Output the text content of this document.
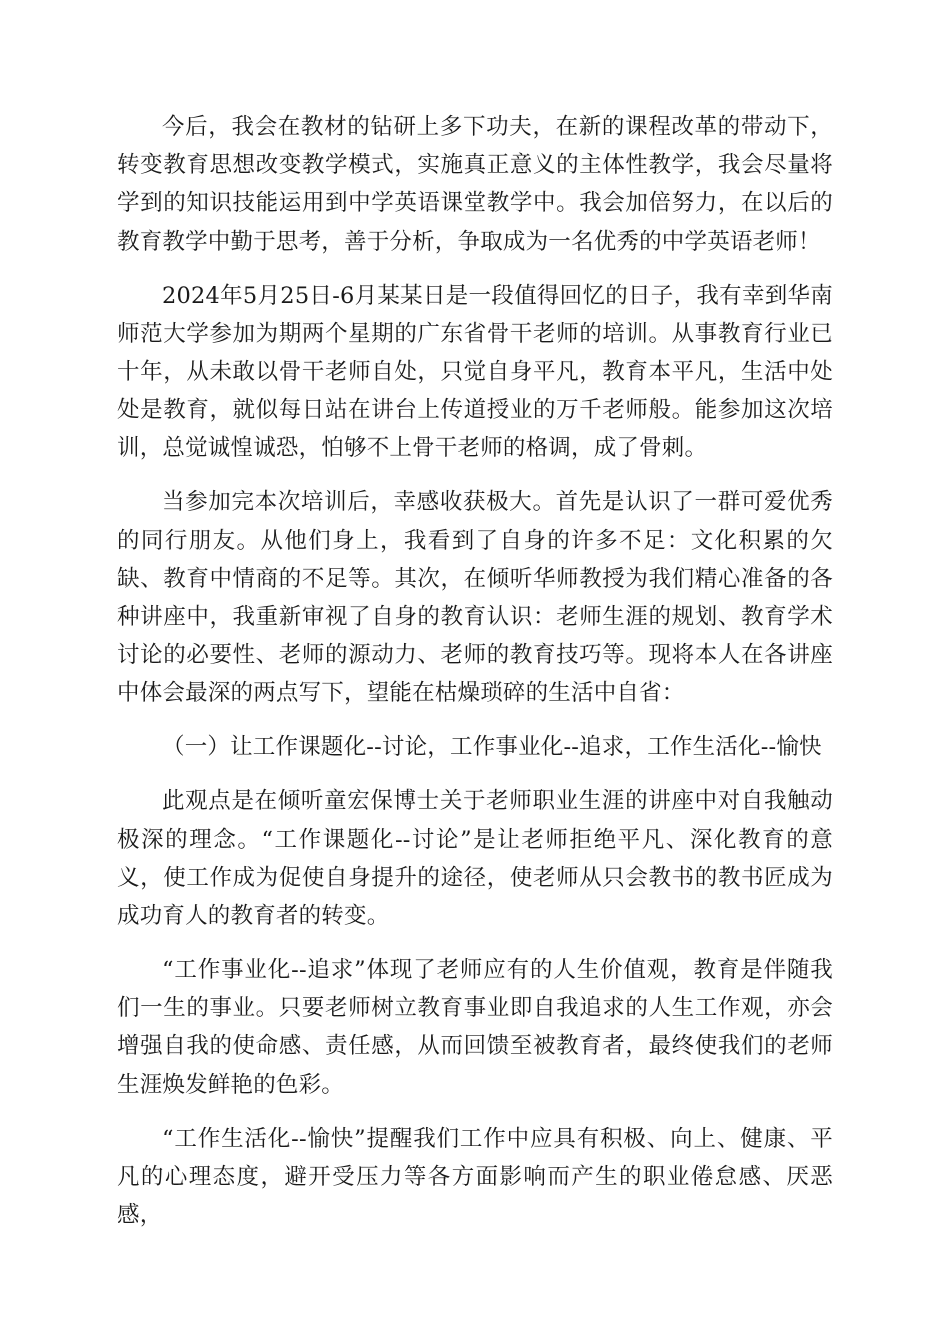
今后，我会在教材的钻研上多下功夫，在新的课程改革的带动下，转变教育思想改变教学模式，实施真正意义的主体性教学，我会尽量将学到的知识技能运用到中学英语课堂教学中。我会加倍努力，在以后的教育教学中勤于思考，善于分析，争取成为一名优秀的中学英语老师！

2024年5月25日-6月某某日是一段值得回忆的日子，我有幸到华南师范大学参加为期两个星期的广东省骨干老师的培训。从事教育行业已十年，从未敢以骨干老师自处，只觉自身平凡，教育本平凡，生活中处处是教育，就似每日站在讲台上传道授业的万千老师般。能参加这次培训，总觉诚惶诚恐，怕够不上骨干老师的格调，成了骨刺。

当参加完本次培训后，幸感收获极大。首先是认识了一群可爱优秀的同行朋友。从他们身上，我看到了自身的许多不足：文化积累的欠缺、教育中情商的不足等。其次，在倾听华师教授为我们精心准备的各种讲座中，我重新审视了自身的教育认识：老师生涯的规划、教育学术讨论的必要性、老师的源动力、老师的教育技巧等。现将本人在各讲座中体会最深的两点写下，望能在枯燥琐碎的生活中自省：

（一）让工作课题化--讨论，工作事业化--追求，工作生活化--愉快

此观点是在倾听童宏保博士关于老师职业生涯的讲座中对自我触动极深的理念。“工作课题化--讨论”是让老师拒绝平凡、深化教育的意义，使工作成为促使自身提升的途径，使老师从只会教书的教书匠成为成功育人的教育者的转变。

“工作事业化--追求”体现了老师应有的人生价值观，教育是伴随我们一生的事业。只要老师树立教育事业即自我追求的人生工作观，亦会增强自我的使命感、责任感，从而回馈至被教育者，最终使我们的老师生涯焕发鲜艳的色彩。

“工作生活化--愉快”提醒我们工作中应具有积极、向上、健康、平凡的心理态度，避开受压力等各方面影响而产生的职业倦怠感、厌恶感，
